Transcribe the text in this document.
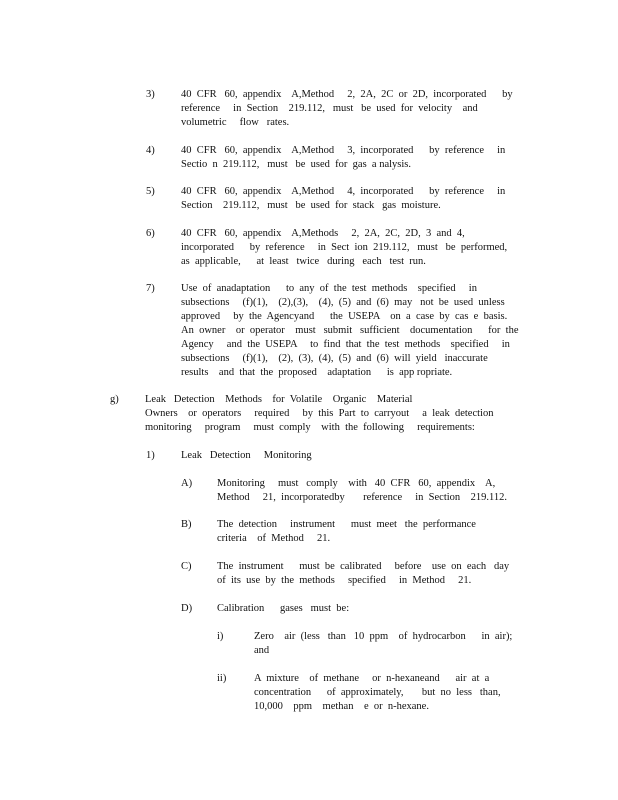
3)	40  CFR   60,  appendix    A,Method     2,  2A,  2C  or  2D,  incorporated      by
reference     in  Section    219.112,   must   be  used  for  velocity    and
volumetric     flow   rates.
4)	40  CFR   60,  appendix    A,Method     3,  incorporated      by  reference     in
Sectio  n  219.112,   must   be  used  for  gas  a nalysis.
5)	40  CFR   60,  appendix    A,Method     4,  incorporated      by  reference     in
Section    219.112,   must   be  used  for  stack   gas  moisture.
6)	40  CFR   60,  appendix    A,Methods     2,  2A,  2C,  2D,  3  and  4,
incorporated      by  reference     in  Sect  ion  219.112,   must   be  performed,
as  applicable,      at  least   twice   during   each   test  run.
7)	Use  of  anadaptation      to  any  of  the  test  methods    specified     in
subsections     (f)(1),    (2),(3),    (4),  (5)  and  (6)  may   not  be  used  unless
approved     by  the  Agencyand      the  USEPA    on  a  case  by  cas  e  basis.
An  owner    or  operator    must   submit   sufficient    documentation      for  the
Agency     and  the  USEPA     to  find  that  the  test  methods    specified     in
subsections     (f)(1),    (2),  (3),  (4),  (5)  and  (6)  will  yield   inaccurate
results    and  that  the  proposed    adaptation      is  app ropriate.
g)	Leak   Detection    Methods    for  Volatile    Organic    Material
Owners    or  operators     required     by  this  Part  to  carryout     a  leak  detection
monitoring     program     must  comply    with  the  following     requirements:
1)	Leak   Detection     Monitoring
A) Monitoring     must   comply    with   40  CFR   60,  appendix    A,
Method     21,  incorporatedby       reference     in  Section    219.112.
B) The  detection     instrument      must  meet   the  performance
criteria    of  Method     21.
C) The  instrument      must  be  calibrated     before    use  on  each   day
of  its  use  by  the  methods     specified     in  Method     21.
D) Calibration      gases   must  be:
i)	Zero    air  (less   than   10  ppm    of  hydrocarbon      in  air);
and
ii)	A  mixture    of  methane     or  n-hexaneand      air  at  a
concentration      of  approximately,       but  no  less   than,
10,000    ppm    methan    e  or  n-hexane.
